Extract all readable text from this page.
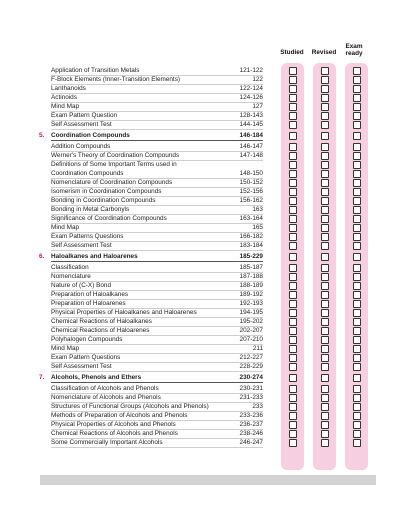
Studied	Revised
Exam
ready
Application of Transition Metals	121-122
F-Block Elements (Inner-Transition Elements)	122
Lanthanoids	122-124
Actinoids	124-126
Mind Map	127
Exam Pattern Question	128-143
Self Assessment Test	144-145
5. Coordination Compounds	146-184
Addition Compounds	146-147
Werner's Theory of Coordination Compounds	147-148
Definitions of Some Important Terms used in Coordination Compounds	148-150
Nomenclature of Coordination Compounds	150-152
Isomerism in Coordination Compounds	152-156
Bonding in Coordination Compounds	156-162
Bonding in Metal Carbonyls	163
Significance of Coordination Compounds	163-164
Mind Map	165
Exam Patterns Questions	166-182
Self Assessment Test	183-184
6. Haloalkanes and Haloarenes	185-229
Classification	185-187
Nomenclature	187-188
Nature of (C-X) Bond	188-189
Preparation of Haloalkanes	189-192
Preparation of Haloarenes	192-193
Physical Properties of Haloalkanes and Haloarenes	194-195
Chemical Reactions of Haloalkanes	195-202
Chemical Reactions of Haloarenes	202-207
Polyhalogen Compounds	207-210
Mind Map	211
Exam Pattern Questions	212-227
Self Assessment Test	228-229
7. Alcohols, Phenols and Ethers	230-274
Classification of Alcohols and Phenols	230-231
Nomenclature of Alcohols and Phenols	231-233
Structures of Functional Groups (Alcohols and Phenols)	233
Methods of Preparation of Alcohols and Phenols	233-236
Physical Properties of Alcohols and Phenols	236-237
Chemical Reactions of Alcohols and Phenols	238-246
Some Commercially Important Alcohols	246-247
